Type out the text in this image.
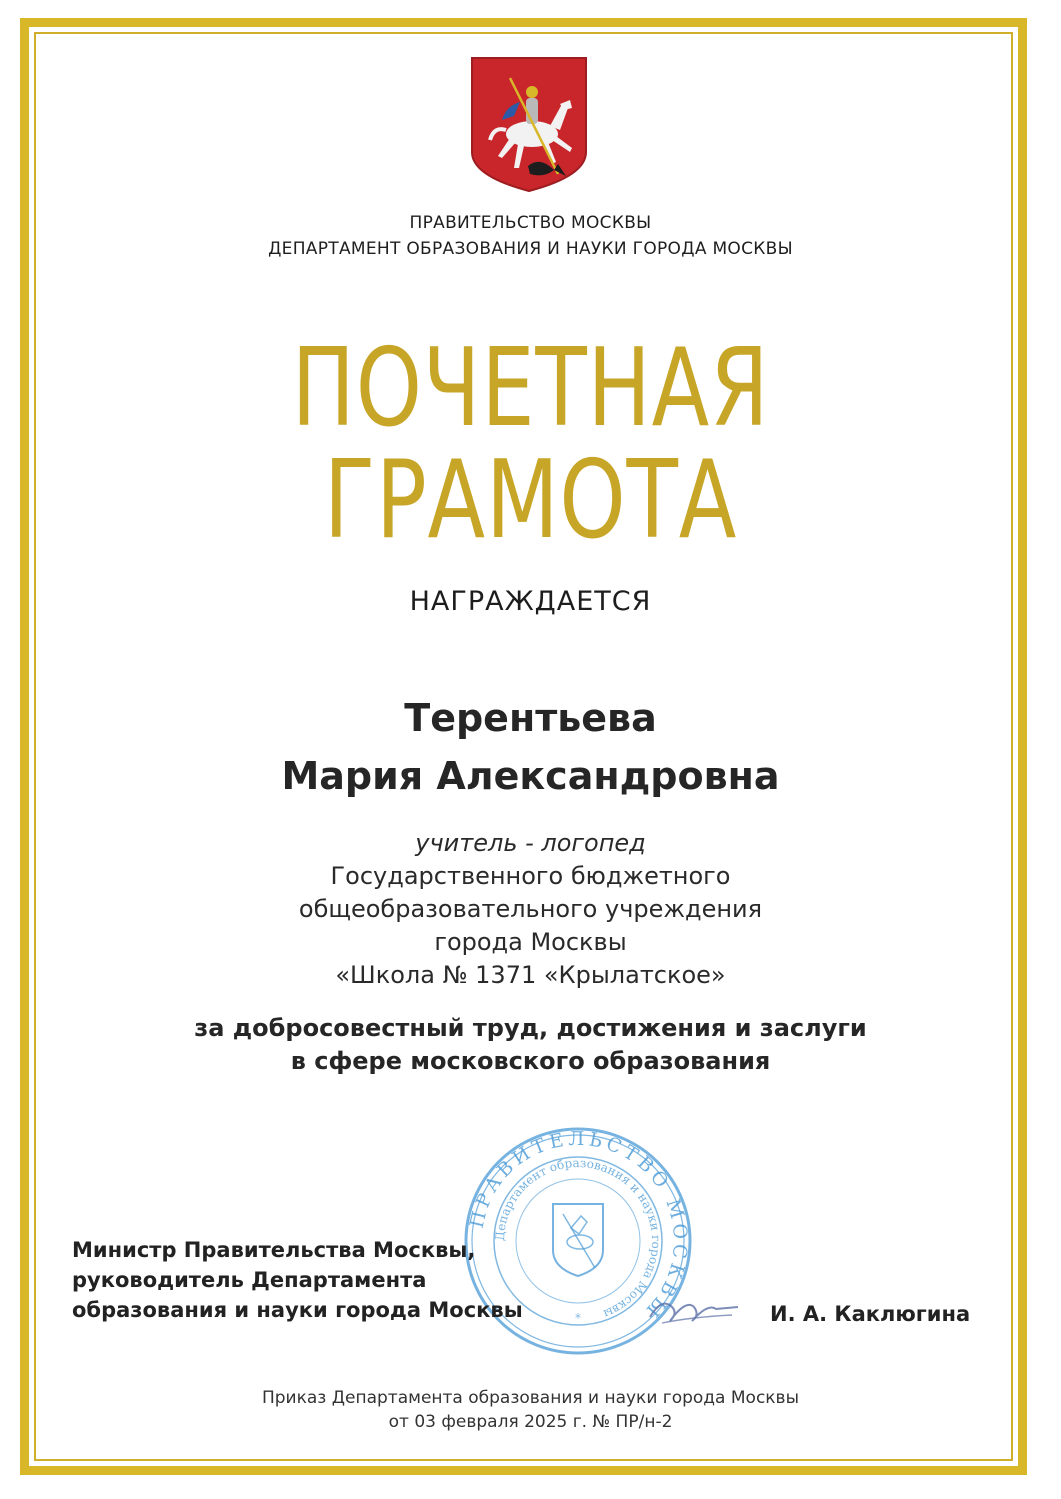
ПРАВИТЕЛЬСТВО МОСКВЫ
ДЕПАРТАМЕНТ ОБРАЗОВАНИЯ И НАУКИ ГОРОДА МОСКВЫ
ПОЧЕТНАЯ
ГРАМОТА
НАГРАЖДАЕТСЯ
Терентьева
Мария Александровна
учитель - логопед
Государственного бюджетного
общеобразовательного учреждения
города Москвы
«Школа № 1371 «Крылатское»
за добросовестный труд, достижения и заслуги
в сфере московского образования
ПРАВИТЕЛЬСТВО МОСКВЫ
Департамент образования и науки города Москвы
*
Министр Правительства Москвы,
руководитель Департамента
образования и науки города Москвы	И. А. Каклюгина
Приказ Департамента образования и науки города Москвы
от 03 февраля 2025 г. № ПР/н-2
